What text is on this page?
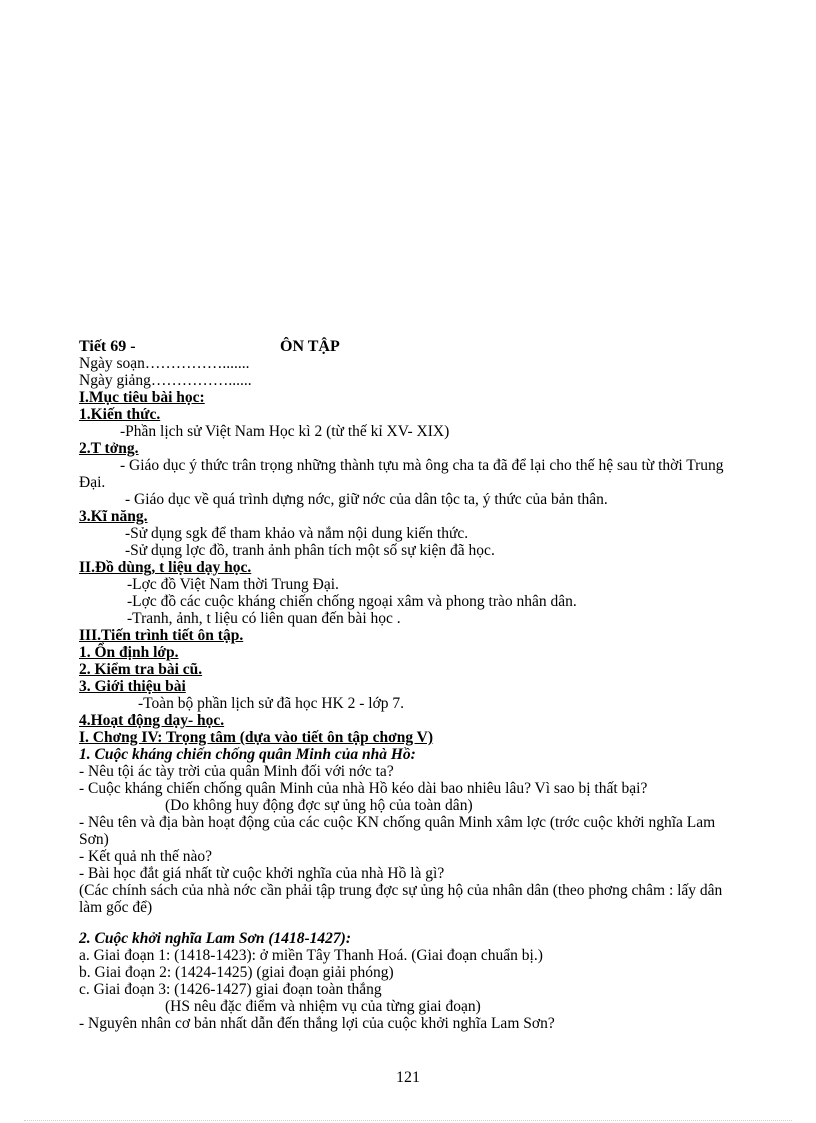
Tiết 69 -	ÔN TẬP
Ngày soạn…………….......
Ngày giảng……………......
I.Mục tiêu bài học:
1.Kiến thức.
-Phần lịch sử Việt Nam Học kì 2 (từ thế kỉ XV- XIX)
2.T tởng.
- Giáo dục ý thức trân trọng những thành tựu mà ông cha ta đã để lại cho thế hệ sau từ thời Trung Đại.
- Giáo dục về quá trình dựng nớc, giữ nớc của dân tộc ta, ý thức của bản thân.
3.Kĩ năng.
-Sử dụng sgk để tham khảo và nắm nội dung kiến thức.
-Sử dụng lợc đồ, tranh ảnh phân tích một số sự kiện đã học.
II.Đồ dùng, t liệu dạy học.
-Lợc đồ Việt Nam thời Trung Đại.
-Lợc đồ các cuộc kháng chiến chống ngoại xâm và phong trào nhân dân.
-Tranh, ảnh, t liệu có liên quan đến bài học .
III.Tiến trình tiết ôn tập.
1. Ổn định lớp.
2. Kiểm tra bài cũ.
3. Giới thiệu bài
-Toàn bộ phần lịch sử đã học HK 2 - lớp 7.
4.Hoạt động dạy- học.
I. Chơng IV: Trọng tâm (dựa vào tiết ôn tập chơng V)
1. Cuộc kháng chiến chống quân Minh của nhà Hồ:
- Nêu tội ác tày trời của quân Minh đối với nớc ta?
- Cuộc kháng chiến chống quân Minh của nhà Hồ kéo dài bao nhiêu lâu? Vì sao bị thất bại?
(Do không huy động đợc sự ủng hộ của toàn dân)
- Nêu tên và địa bàn hoạt động của các cuộc KN chống quân Minh xâm lợc (trớc cuộc khởi nghĩa Lam Sơn)
- Kết quả nh thế nào?
- Bài học đắt giá nhất từ cuộc khởi nghĩa của nhà Hồ là gì?
(Các chính sách của nhà nớc cần phải tập trung đợc sự ủng hộ của nhân dân (theo phơng châm : lấy dân làm gốc để)
2. Cuộc khởi nghĩa Lam Sơn (1418-1427):
a. Giai đoạn 1: (1418-1423): ở miền Tây Thanh Hoá. (Giai đoạn chuẩn bị.)
b. Giai đoạn 2: (1424-1425) (giai đoạn giải phóng)
c. Giai đoạn 3: (1426-1427) giai đoạn toàn thắng
(HS nêu đặc điểm và nhiệm vụ của từng giai đoạn)
- Nguyên nhân cơ bản nhất dẫn đến thắng lợi của cuộc khởi nghĩa Lam Sơn?
121
